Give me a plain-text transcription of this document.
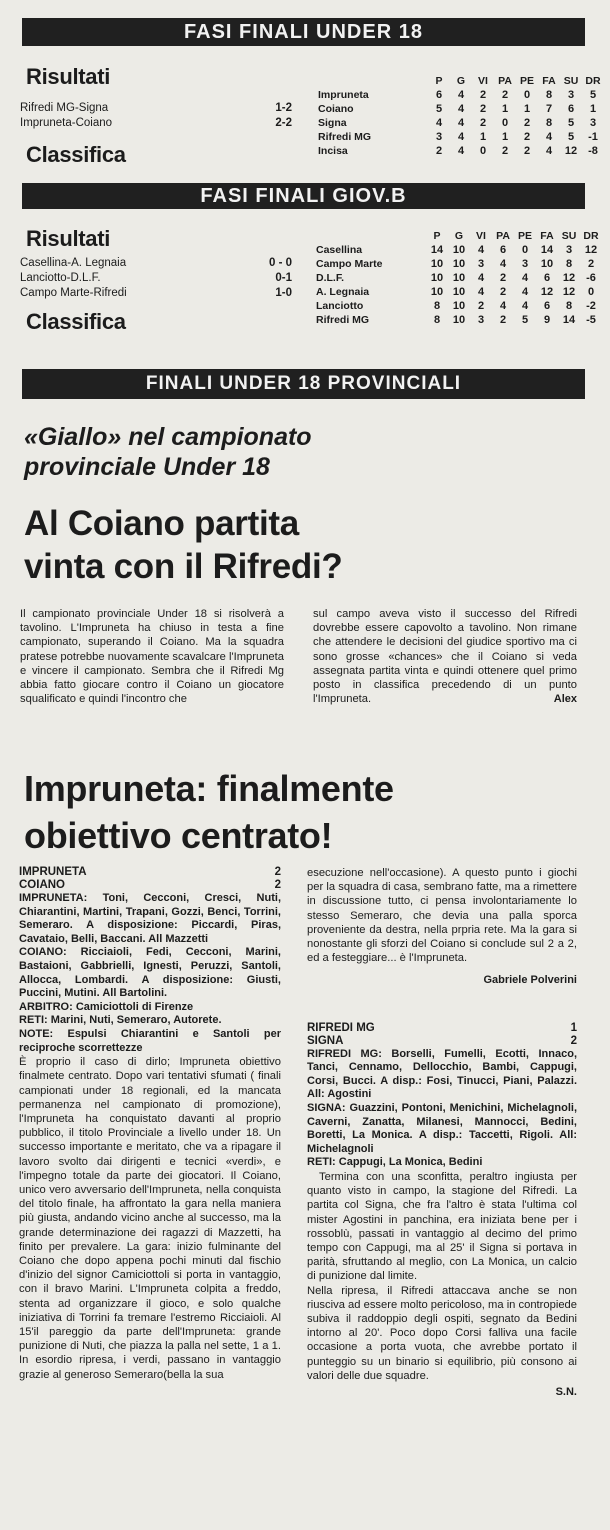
FASI FINALI UNDER 18
Risultati
Rifredi MG-Signa	1-2
Impruneta-Coiano	2-2
Classifica
	P	G	VI	PA	PE	FA	SU	DR
Impruneta	6	4	2	2	0	8	3	5
Coiano	5	4	2	1	1	7	6	1
Signa	4	4	2	0	2	8	5	3
Rifredi MG	3	4	1	1	2	4	5	-1
Incisa	2	4	0	2	2	4	12	-8
FASI FINALI GIOV.B
Risultati
Casellina-A. Legnaia	0 - 0
Lanciotto-D.L.F.	0-1
Campo Marte-Rifredi	1-0
Classifica
	P	G	VI	PA	PE	FA	SU	DR
Casellina	14	10	4	6	0	14	3	12
Campo Marte	10	10	3	4	3	10	8	2
D.L.F.	10	10	4	2	4	6	12	-6
A. Legnaia	10	10	4	2	4	12	12	0
Lanciotto	8	10	2	4	4	6	8	-2
Rifredi MG	8	10	3	2	5	9	14	-5
FINALI UNDER 18 PROVINCIALI
«Giallo» nel campionato
provinciale Under 18
Al Coiano partita
vinta con il Rifredi?

Il campionato provinciale Under 18 si risolverà a tavolino. L'Impruneta ha chiuso in testa a fine campionato, superando il Coiano. Ma la squadra pratese potrebbe nuovamente scavalcare l'Impruneta e vincere il campionato. Sembra che il Rifredi Mg abbia fatto giocare contro il Coiano un giocatore squalificato e quindi l'incontro che

sul campo aveva visto il successo del Rifredi dovrebbe essere capovolto a tavolino. Non rimane che attendere le decisioni del giudice sportivo ma ci sono grosse «chances» che il Coiano si veda assegnata partita vinta e quindi ottenere quel primo posto in classifica precedendo di un punto l'Impruneta.	Alex
Impruneta: finalmente
obiettivo centrato!
IMPRUNETA	2
COIANO	2

IMPRUNETA: Toni, Cecconi, Cresci, Nuti, Chiarantini, Martini, Trapani, Gozzi, Benci, Torrini, Semeraro. A disposizione: Piccardi, Piras, Cavataio, Belli, Baccani. All Mazzetti

COIANO: Ricciaioli, Fedi, Cecconi, Marini, Bastaioni, Gabbrielli, Ignesti, Peruzzi, Santoli, Allocca, Lombardi. A disposizione: Giusti, Puccini, Mutini. All Bartolini.

ARBITRO: Camiciottoli di Firenze

RETI: Marini, Nuti, Semeraro, Autorete.

NOTE: Espulsi Chiarantini e Santoli per reciproche scorrettezze

È proprio il caso di dirlo; Impruneta obiettivo finalmete centrato. Dopo vari tentativi sfumati ( finali campionati under 18 regionali, ed la mancata permanenza nel campionato di promozione), l'Impruneta ha conquistato davanti al proprio pubblico, il titolo Provinciale a livello under 18. Un successo importante e meritato, che va a ripagare il lavoro svolto dai dirigenti e tecnici «verdi», e l'impegno totale da parte dei giocatori. Il Coiano, unico vero avversario dell'Impruneta, nella conquista del titolo finale, ha affrontato la gara nella maniera più giusta, andando vicino anche al successo, ma la grande determinazione dei ragazzi di Mazzetti, ha finito per prevalere. La gara: inizio fulminante del Coiano che dopo appena pochi minuti dal fischio d'inizio del signor Camiciottoli si porta in vantaggio, con il bravo Marini. L'Impruneta colpita a freddo, stenta ad organizzare il gioco, e solo qualche iniziativa di Torrini fa tremare l'estremo Ricciaioli. Al 15'il pareggio da parte dell'Impruneta: grande punizione di Nuti, che piazza la palla nel sette, 1 a 1. In esordio ripresa, i verdi, passano in vantaggio grazie al generoso Semeraro(bella la sua

esecuzione nell'occasione). A questo punto i giochi per la squadra di casa, sembrano fatte, ma a rimettere in discussione tutto, ci pensa involontariamente lo stesso Semeraro, che devia una palla sporca proveniente da destra, nella prpria rete. Ma la gara si nonostante gli sforzi del Coiano si conclude sul 2 a 2, ed a festeggiare... è l'Impruneta.

Gabriele Polverini
RIFREDI MG	1
SIGNA	2

RIFREDI MG: Borselli, Fumelli, Ecotti, Innaco, Tanci, Cennamo, Dellocchio, Bambi, Cappugi, Corsi, Bucci. A disp.: Fosi, Tinucci, Piani, Palazzi. All: Agostini

SIGNA: Guazzini, Pontoni, Menichini, Michelagnoli, Caverni, Zanatta, Milanesi, Mannocci, Bedini, Boretti, La Monica. A disp.: Taccetti, Rigoli. All: Michelagnoli

RETI: Cappugi, La Monica, Bedini

Termina con una sconfitta, peraltro ingiusta per quanto visto in campo, la stagione del Rifredi. La partita col Signa, che fra l'altro è stata l'ultima col mister Agostini in panchina, era iniziata bene per i rossoblù, passati in vantaggio al decimo del primo tempo con Cappugi, ma al 25' il Signa si portava in parità, sfruttando al meglio, con La Monica, un calcio di punizione dal limite.

Nella ripresa, il Rifredi attaccava anche se non riusciva ad essere molto pericoloso, ma in contropiede subiva il raddoppio degli ospiti, segnato da Bedini intorno al 20'. Poco dopo Corsi falliva una facile occasione a porta vuota, che avrebbe portato il punteggio su un binario si equilibrio, più consono ai valori delle due squadre.

S.N.
